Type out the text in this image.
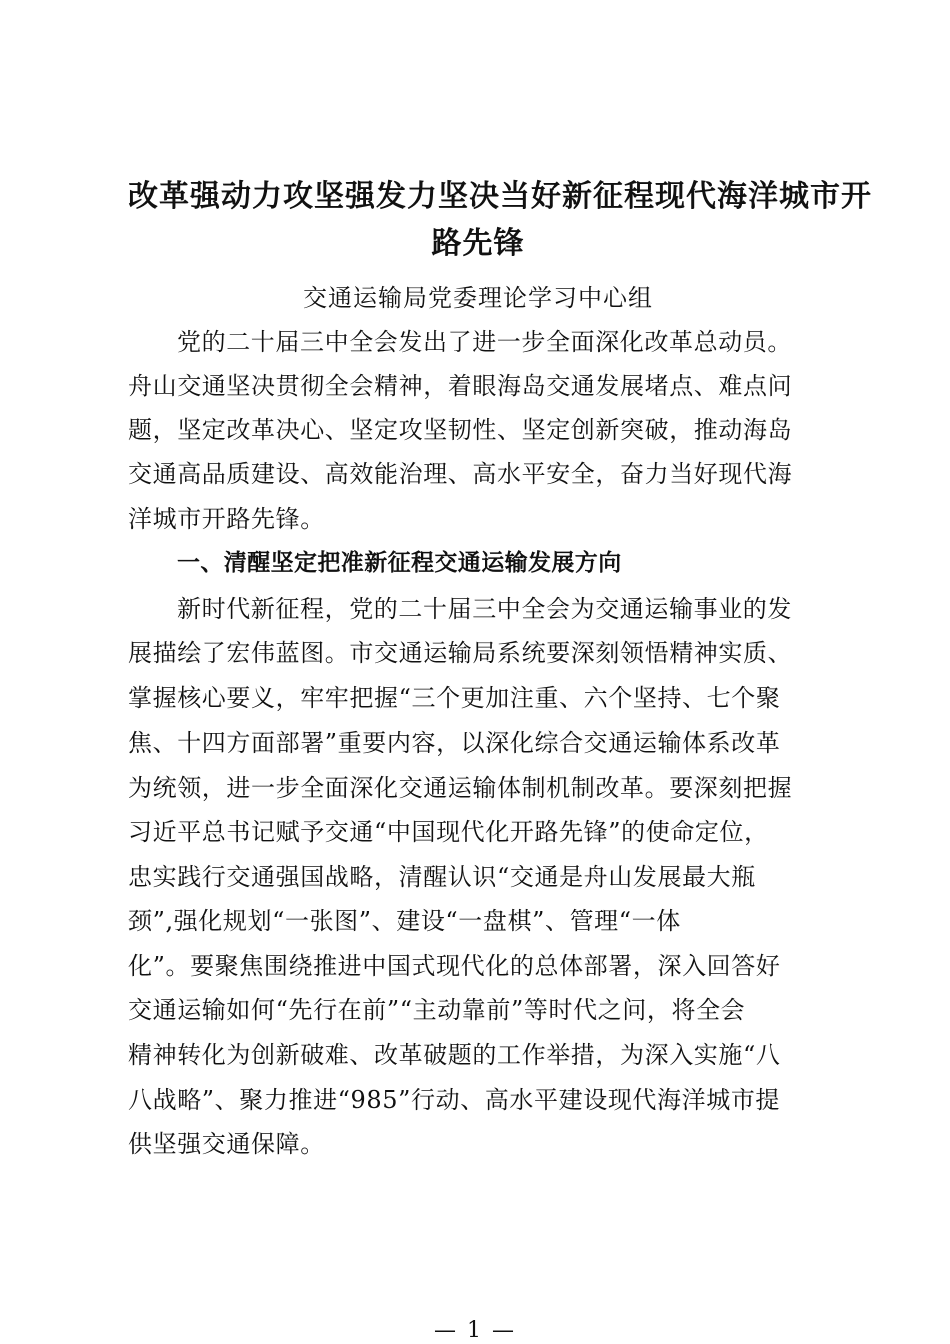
改革强动力攻坚强发力坚决当好新征程现代海洋城市开
路先锋
交通运输局党委理论学习中心组
党的二十届三中全会发出了进一步全面深化改革总动员。
舟山交通坚决贯彻全会精神，着眼海岛交通发展堵点、难点问
题，坚定改革决心、坚定攻坚韧性、坚定创新突破，推动海岛
交通高品质建设、高效能治理、高水平安全，奋力当好现代海
洋城市开路先锋。
一、清醒坚定把准新征程交通运输发展方向
新时代新征程，党的二十届三中全会为交通运输事业的发
展描绘了宏伟蓝图。市交通运输局系统要深刻领悟精神实质、
掌握核心要义，牢牢把握“三个更加注重、六个坚持、七个聚
焦、十四方面部署”重要内容，以深化综合交通运输体系改革
为统领，进一步全面深化交通运输体制机制改革。要深刻把握
习近平总书记赋予交通“中国现代化开路先锋”的使命定位，
忠实践行交通强国战略，清醒认识“交通是舟山发展最大瓶
颈”,强化规划“一张图”、建设“一盘棋”、管理“一体
化”。要聚焦围绕推进中国式现代化的总体部署，深入回答好
交通运输如何“先行在前”“主动靠前”等时代之问，将全会
精神转化为创新破难、改革破题的工作举措，为深入实施“八
八战略”、聚力推进“985”行动、高水平建设现代海洋城市提
供坚强交通保障。
— 1 —
